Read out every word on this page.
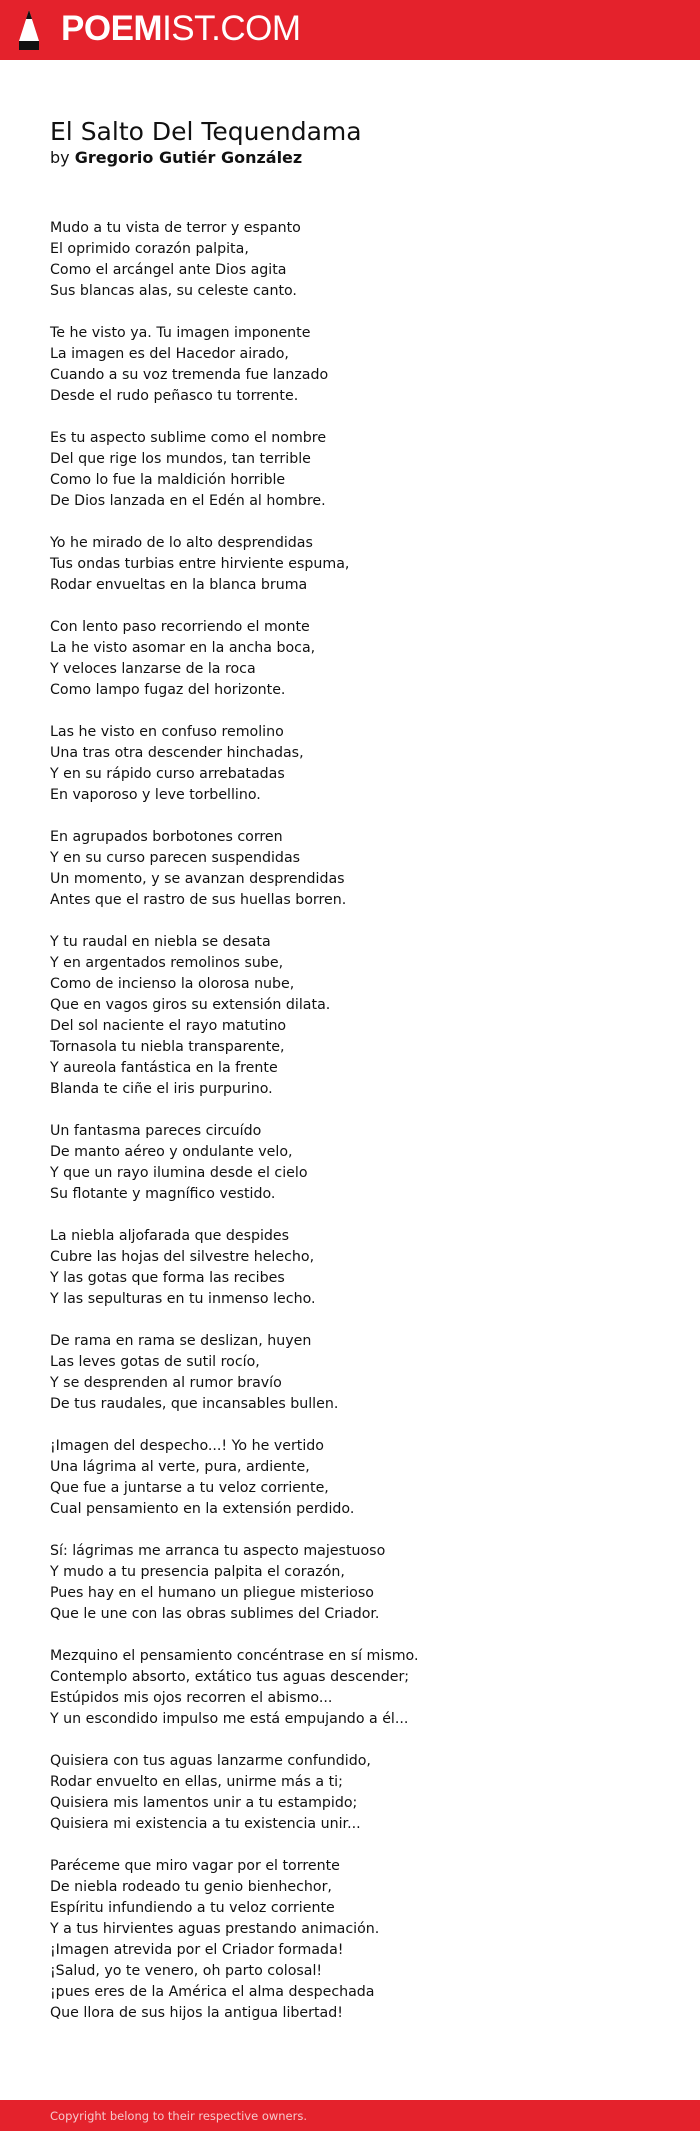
POEMIST.COM
El Salto Del Tequendama
by Gregorio Gutiér González
Mudo a tu vista de terror y espanto
El oprimido corazón palpita,
Como el arcángel ante Dios agita
Sus blancas alas, su celeste canto.
Te he visto ya. Tu imagen imponente
La imagen es del Hacedor airado,
Cuando a su voz tremenda fue lanzado
Desde el rudo peñasco tu torrente.
Es tu aspecto sublime como el nombre
Del que rige los mundos, tan terrible
Como lo fue la maldición horrible
De Dios lanzada en el Edén al hombre.
Yo he mirado de lo alto desprendidas
Tus ondas turbias entre hirviente espuma,
Rodar envueltas en la blanca bruma
Con lento paso recorriendo el monte
La he visto asomar en la ancha boca,
Y veloces lanzarse de la roca
Como lampo fugaz del horizonte.
Las he visto en confuso remolino
Una tras otra descender hinchadas,
Y en su rápido curso arrebatadas
En vaporoso y leve torbellino.
En agrupados borbotones corren
Y en su curso parecen suspendidas
Un momento, y se avanzan desprendidas
Antes que el rastro de sus huellas borren.
Y tu raudal en niebla se desata
Y en argentados remolinos sube,
Como de incienso la olorosa nube,
Que en vagos giros su extensión dilata.
Del sol naciente el rayo matutino
Tornasola tu niebla transparente,
Y aureola fantástica en la frente
Blanda te ciñe el iris purpurino.
Un fantasma pareces circuído
De manto aéreo y ondulante velo,
Y que un rayo ilumina desde el cielo
Su flotante y magnífico vestido.
La niebla aljofarada que despides
Cubre las hojas del silvestre helecho,
Y las gotas que forma las recibes
Y las sepulturas en tu inmenso lecho.
De rama en rama se deslizan, huyen
Las leves gotas de sutil rocío,
Y se desprenden al rumor bravío
De tus raudales, que incansables bullen.
¡Imagen del despecho...! Yo he vertido
Una lágrima al verte, pura, ardiente,
Que fue a juntarse a tu veloz corriente,
Cual pensamiento en la extensión perdido.
Sí: lágrimas me arranca tu aspecto majestuoso
Y mudo a tu presencia palpita el corazón,
Pues hay en el humano un pliegue misterioso
Que le une con las obras sublimes del Criador.
Mezquino el pensamiento concéntrase en sí mismo.
Contemplo absorto, extático tus aguas descender;
Estúpidos mis ojos recorren el abismo...
Y un escondido impulso me está empujando a él...
Quisiera con tus aguas lanzarme confundido,
Rodar envuelto en ellas, unirme más a ti;
Quisiera mis lamentos unir a tu estampido;
Quisiera mi existencia a tu existencia unir...
Paréceme que miro vagar por el torrente
De niebla rodeado tu genio bienhechor,
Espíritu infundiendo a tu veloz corriente
Y a tus hirvientes aguas prestando animación.
¡Imagen atrevida por el Criador formada!
¡Salud, yo te venero, oh parto colosal!
¡pues eres de la América el alma despechada
Que llora de sus hijos la antigua libertad!
Copyright belong to their respective owners.
